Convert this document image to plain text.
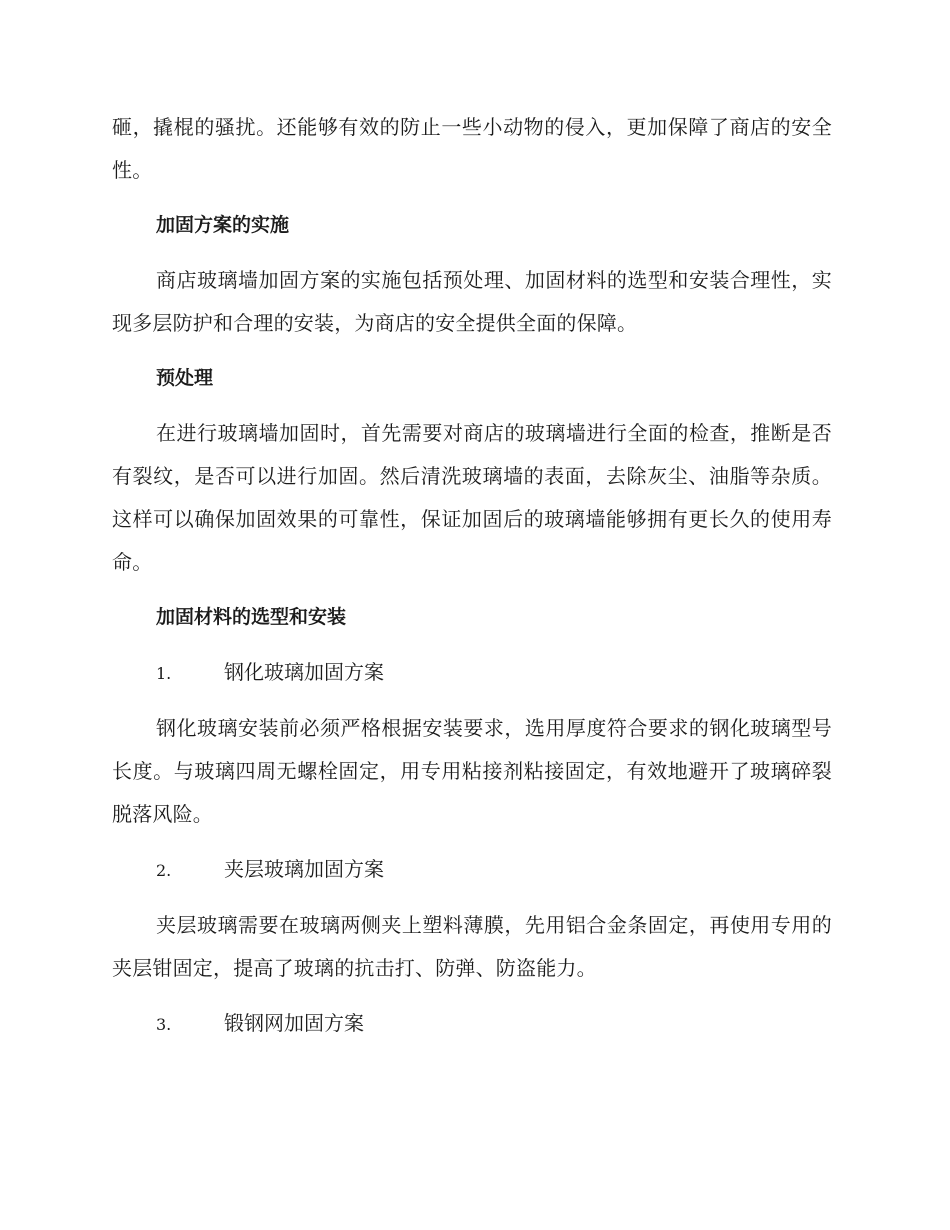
砸，撬棍的骚扰。还能够有效的防止一些小动物的侵入，更加保障了商店的安全性。

加固方案的实施

商店玻璃墙加固方案的实施包括预处理、加固材料的选型和安装合理性，实现多层防护和合理的安装，为商店的安全提供全面的保障。

预处理

在进行玻璃墙加固时，首先需要对商店的玻璃墙进行全面的检查，推断是否有裂纹，是否可以进行加固。然后清洗玻璃墙的表面，去除灰尘、油脂等杂质。这样可以确保加固效果的可靠性，保证加固后的玻璃墙能够拥有更长久的使用寿命。

加固材料的选型和安装
1.	钢化玻璃加固方案

钢化玻璃安装前必须严格根据安装要求，选用厚度符合要求的钢化玻璃型号长度。与玻璃四周无螺栓固定，用专用粘接剂粘接固定，有效地避开了玻璃碎裂脱落风险。

2.	夹层玻璃加固方案

夹层玻璃需要在玻璃两侧夹上塑料薄膜，先用铝合金条固定，再使用专用的夹层钳固定，提高了玻璃的抗击打、防弹、防盗能力。

3.	锻钢网加固方案
